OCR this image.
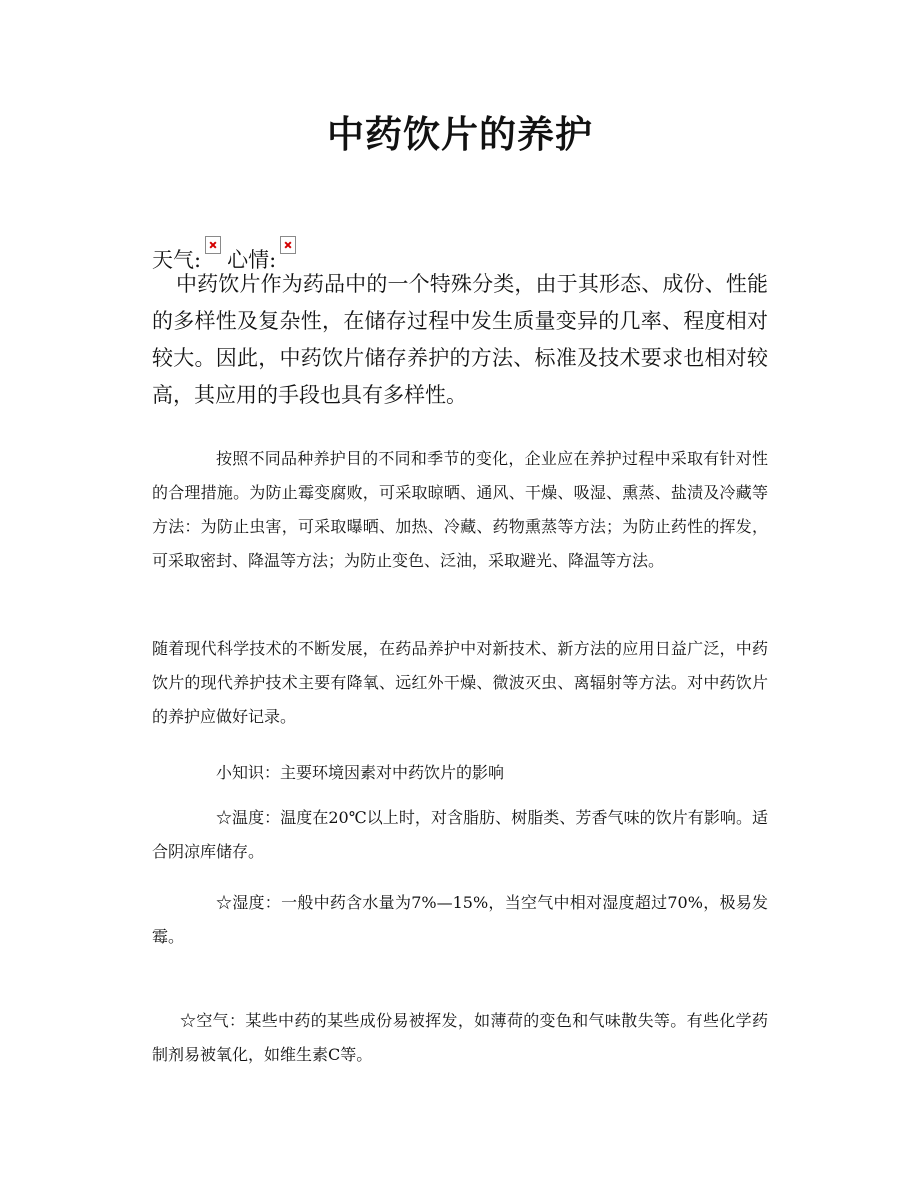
中药饮片的养护
天气: 心情:

中药饮片作为药品中的一个特殊分类，由于其形态、成份、性能的多样性及复杂性，在储存过程中发生质量变异的几率、程度相对较大。因此，中药饮片储存养护的方法、标准及技术要求也相对较高，其应用的手段也具有多样性。

按照不同品种养护目的不同和季节的变化，企业应在养护过程中采取有针对性的合理措施。为防止霉变腐败，可采取晾晒、通风、干燥、吸湿、熏蒸、盐渍及冷藏等方法：为防止虫害，可采取曝晒、加热、冷藏、药物熏蒸等方法；为防止药性的挥发，可采取密封、降温等方法；为防止变色、泛油，采取避光、降温等方法。

随着现代科学技术的不断发展，在药品养护中对新技术、新方法的应用日益广泛，中药饮片的现代养护技术主要有降氧、远红外干燥、微波灭虫、离辐射等方法。对中药饮片的养护应做好记录。

小知识：主要环境因素对中药饮片的影响

☆温度：温度在20℃以上时，对含脂肪、树脂类、芳香气味的饮片有影响。适合阴凉库储存。

☆湿度：一般中药含水量为7%—15%，当空气中相对湿度超过70%，极易发霉。

☆空气：某些中药的某些成份易被挥发，如薄荷的变色和气味散失等。有些化学药制剂易被氧化，如维生素C等。
